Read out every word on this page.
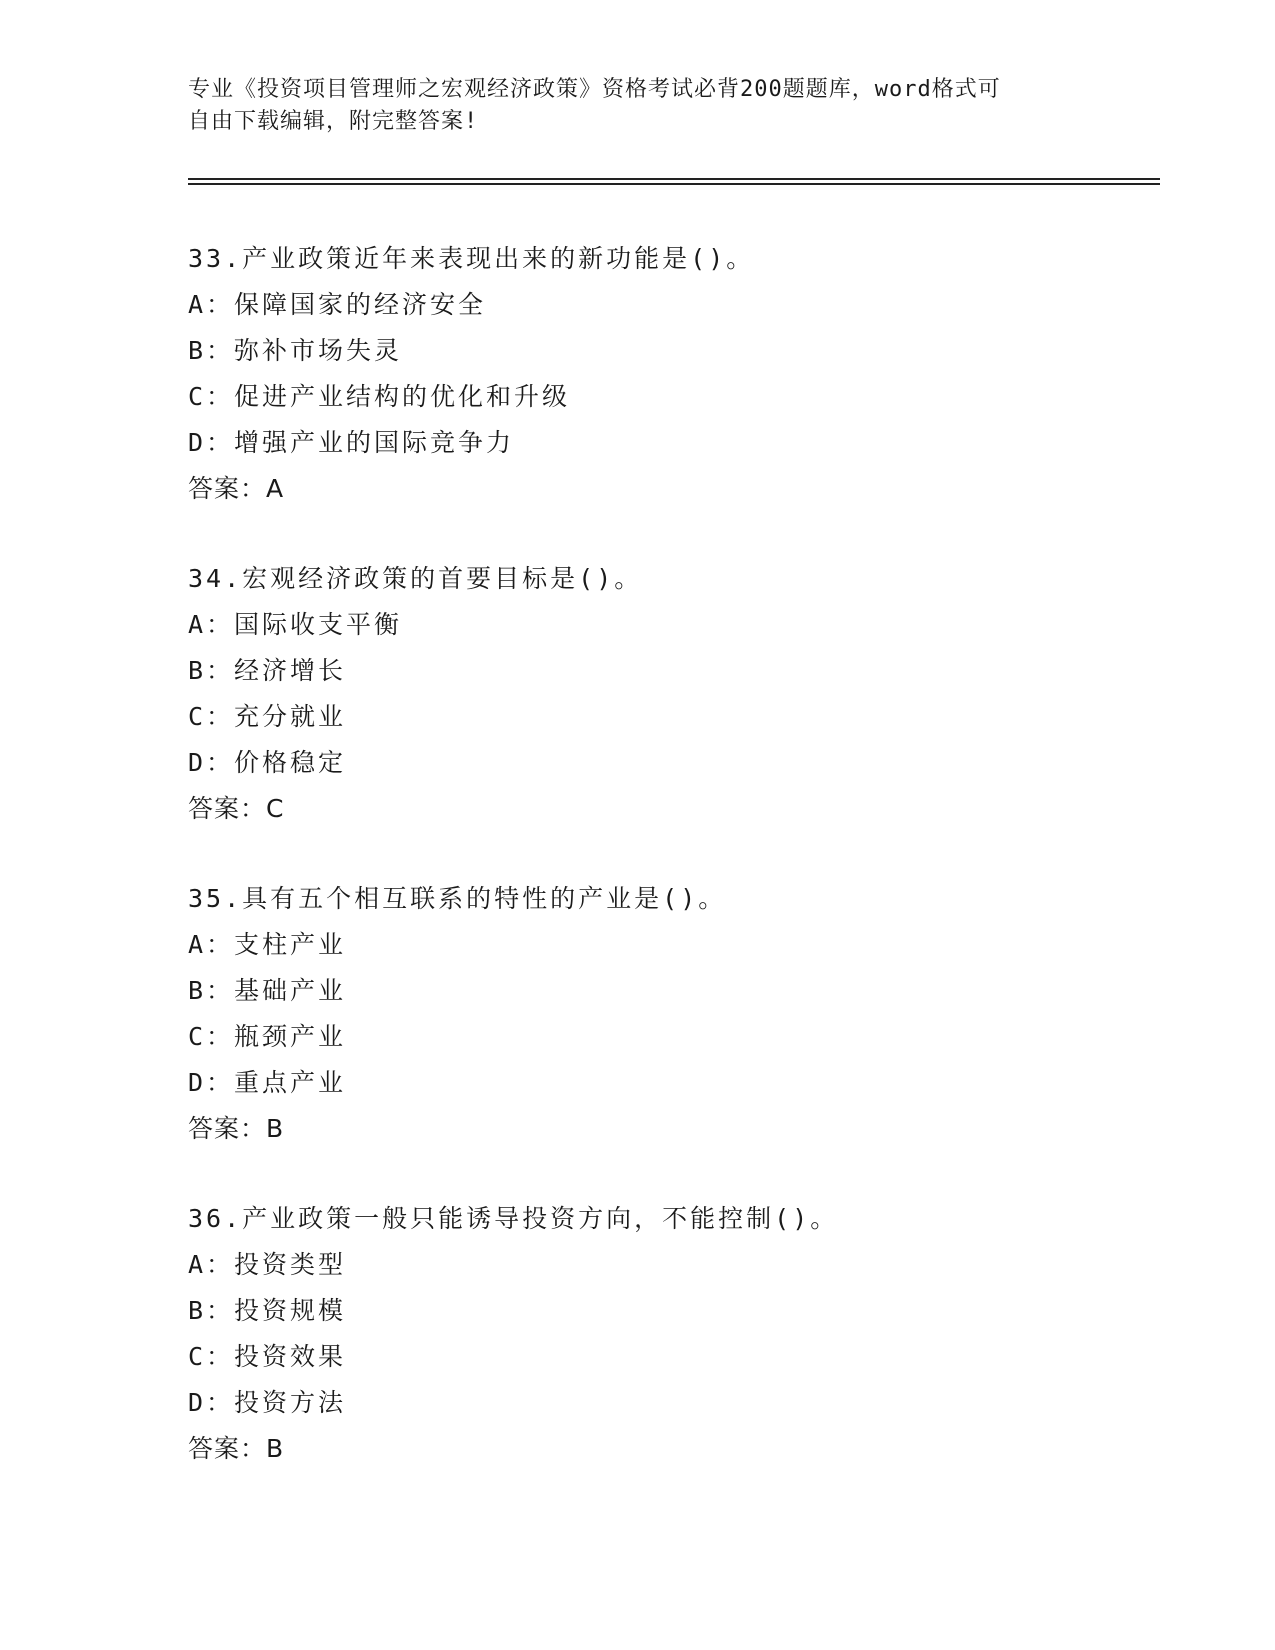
专业《投资项目管理师之宏观经济政策》资格考试必背200题题库，word格式可
自由下载编辑，附完整答案!
33.产业政策近年来表现出来的新功能是()。
A：保障国家的经济安全
B：弥补市场失灵
C：促进产业结构的优化和升级
D：增强产业的国际竞争力
答案：A
34.宏观经济政策的首要目标是()。
A：国际收支平衡
B：经济增长
C：充分就业
D：价格稳定
答案：C
35.具有五个相互联系的特性的产业是()。
A：支柱产业
B：基础产业
C：瓶颈产业
D：重点产业
答案：B
36.产业政策一般只能诱导投资方向，不能控制()。
A：投资类型
B：投资规模
C：投资效果
D：投资方法
答案：B
